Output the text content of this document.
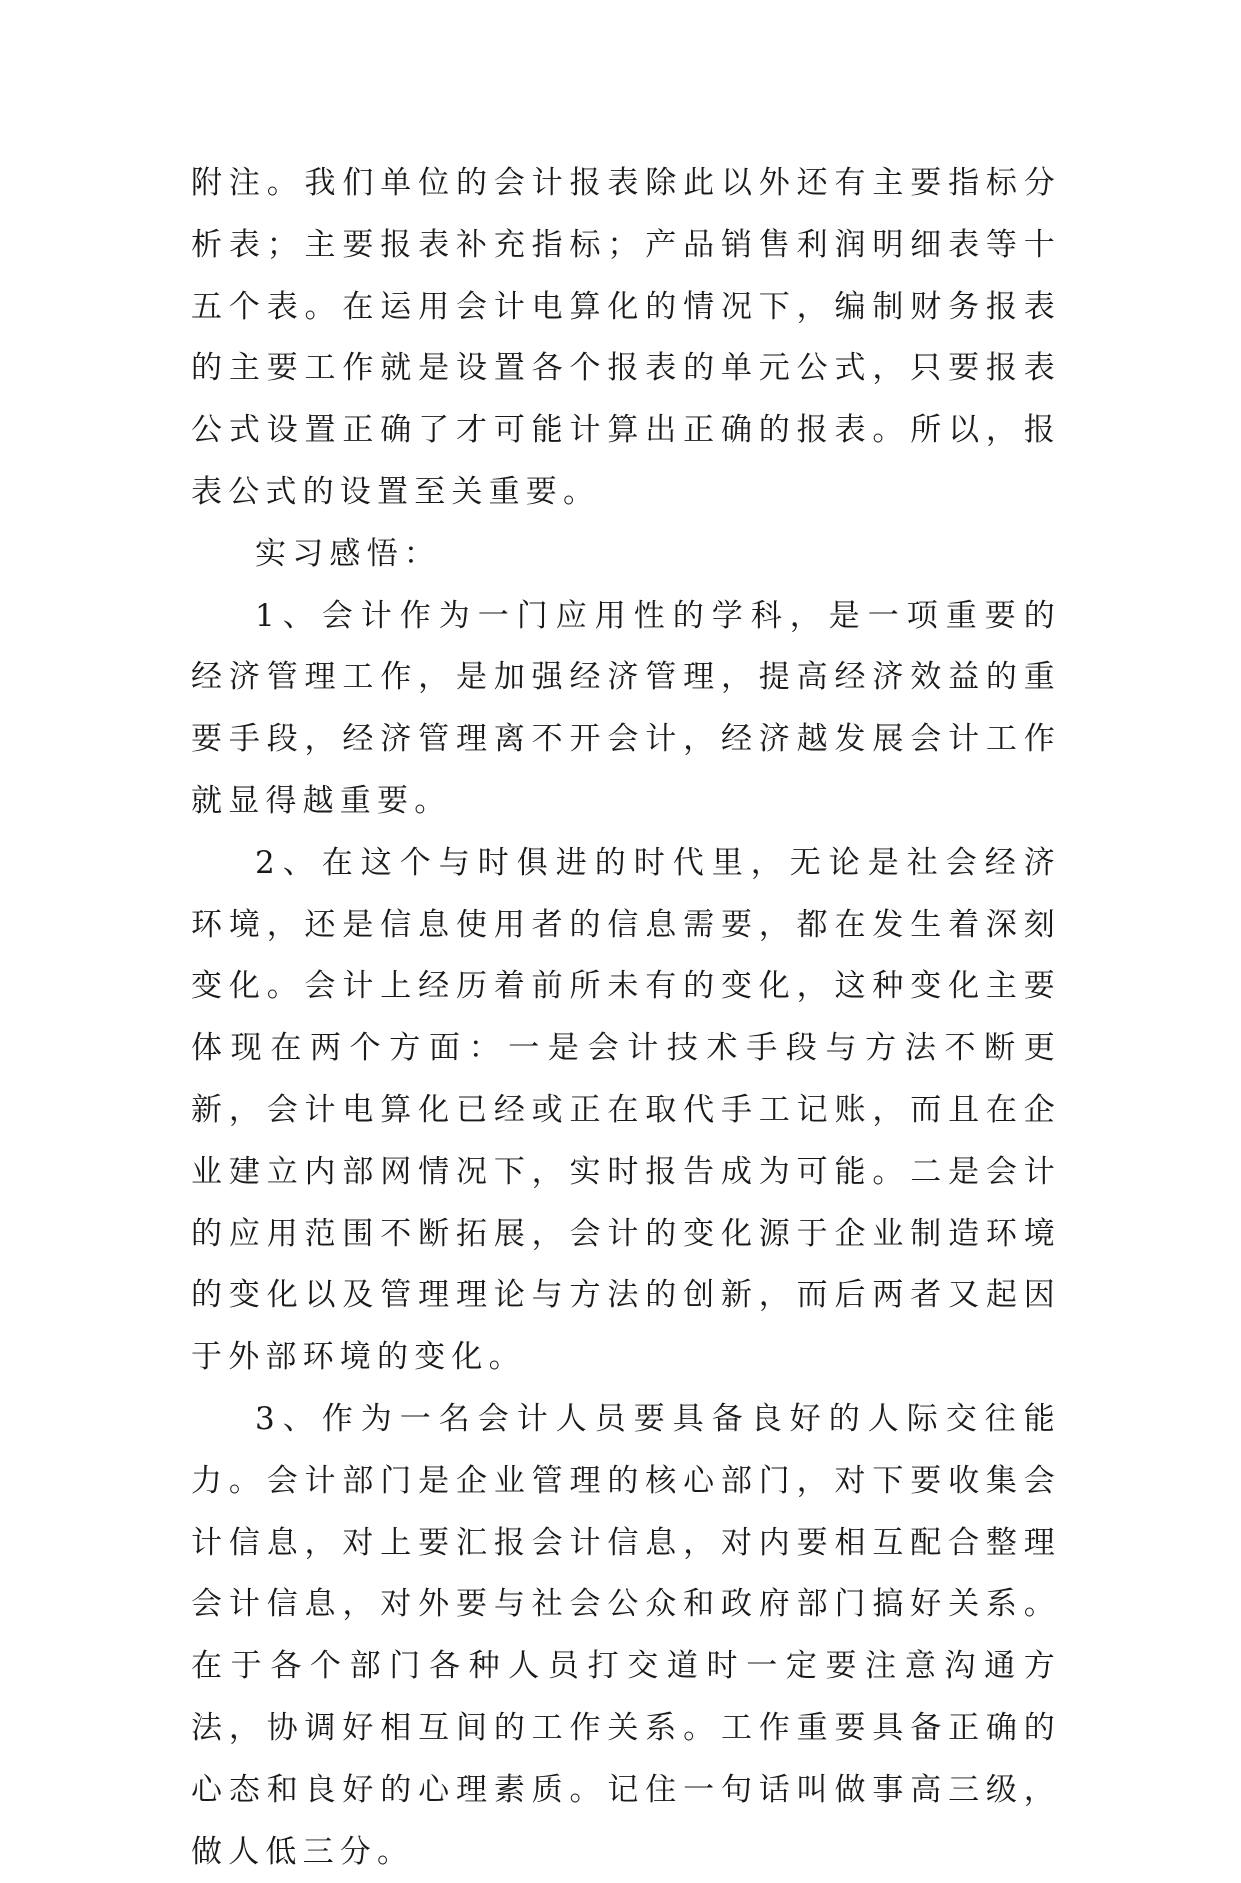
附注。我们单位的会计报表除此以外还有主要指标分析表；主要报表补充指标；产品销售利润明细表等十五个表。在运用会计电算化的情况下，编制财务报表的主要工作就是设置各个报表的单元公式，只要报表公式设置正确了才可能计算出正确的报表。所以，报表公式的设置至关重要。

实习感悟：

1、会计作为一门应用性的学科，是一项重要的经济管理工作，是加强经济管理，提高经济效益的重要手段，经济管理离不开会计，经济越发展会计工作就显得越重要。

2、在这个与时俱进的时代里，无论是社会经济环境，还是信息使用者的信息需要，都在发生着深刻变化。会计上经历着前所未有的变化，这种变化主要体现在两个方面：一是会计技术手段与方法不断更新，会计电算化已经或正在取代手工记账，而且在企业建立内部网情况下，实时报告成为可能。二是会计的应用范围不断拓展，会计的变化源于企业制造环境的变化以及管理理论与方法的创新，而后两者又起因于外部环境的变化。

3、作为一名会计人员要具备良好的人际交往能力。会计部门是企业管理的核心部门，对下要收集会计信息，对上要汇报会计信息，对内要相互配合整理会计信息，对外要与社会公众和政府部门搞好关系。在于各个部门各种人员打交道时一定要注意沟通方法，协调好相互间的工作关系。工作重要具备正确的心态和良好的心理素质。记住一句话叫做事高三级，做人低三分。
